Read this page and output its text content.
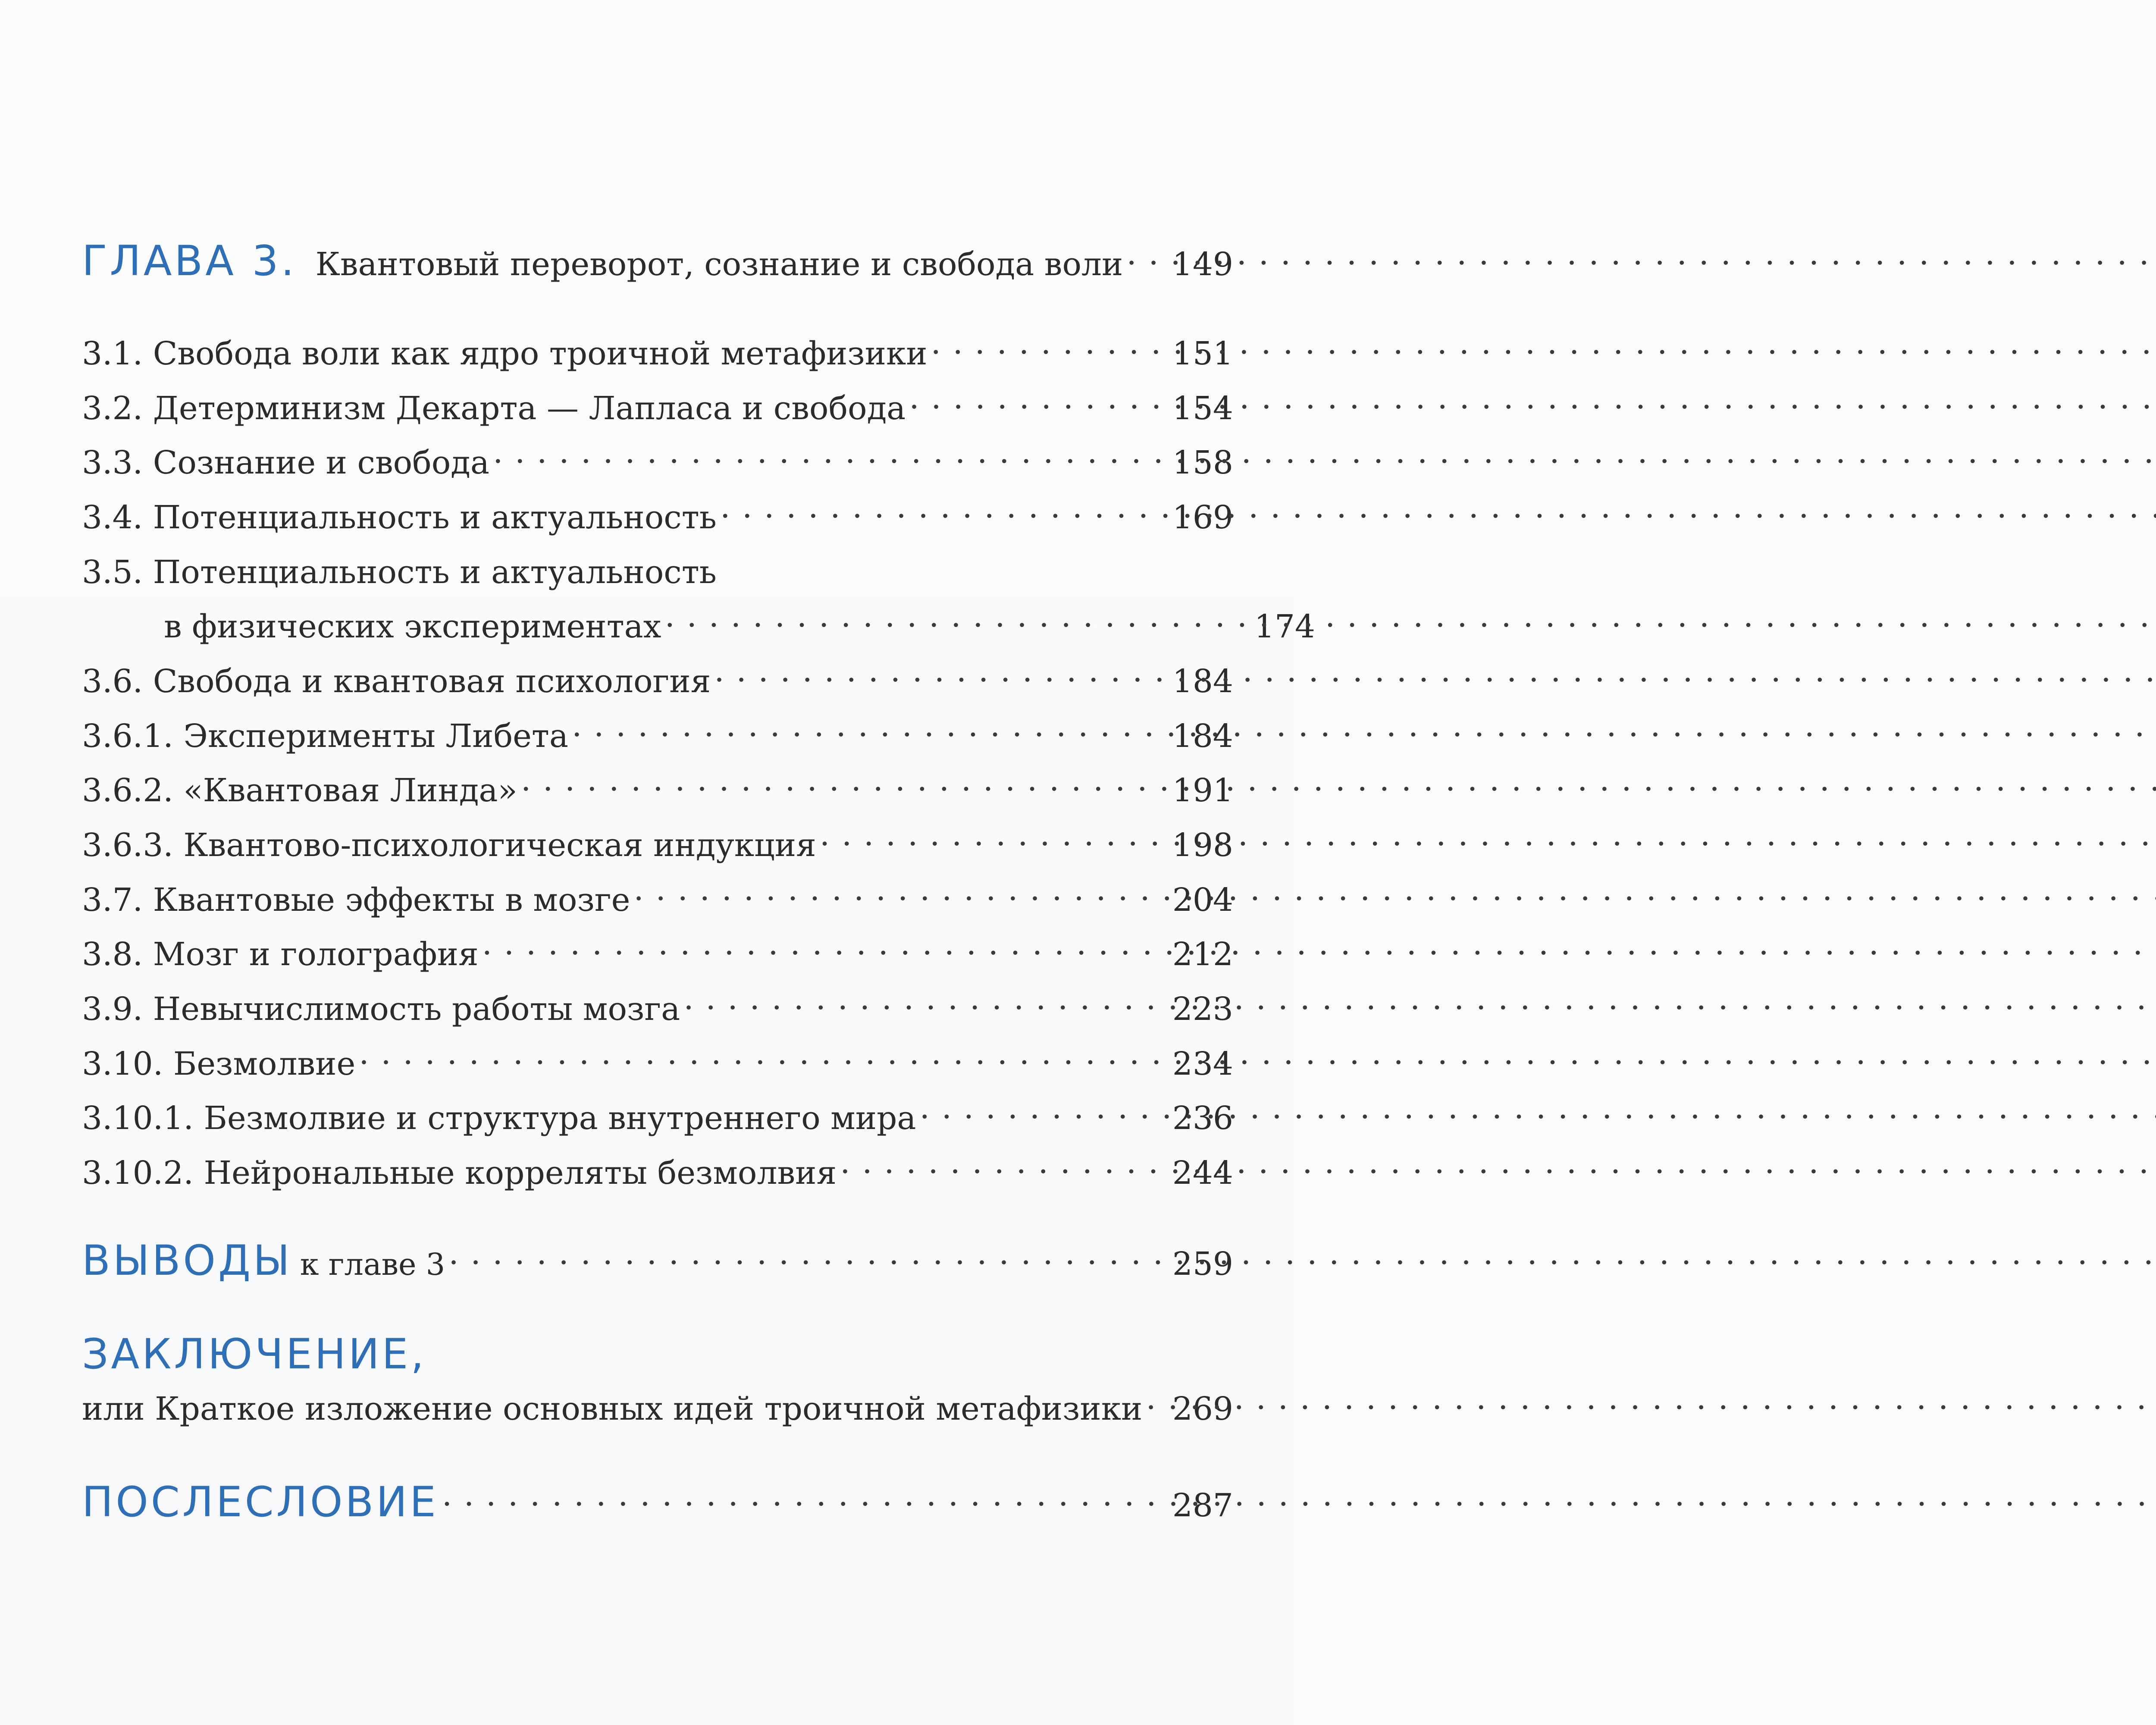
ГЛАВА 3. Квантовый переворот, сознание и свобода воли . . . 149
3.1. Свобода воли как ядро троичной метафизики . . .	151
3.2. Детерминизм Декарта — Лапласа и свобода . . .	154
3.3. Сознание и свобода . . .	158
3.4. Потенциальность и актуальность . . .	169
3.5. Потенциальность и актуальность
в физических экспериментах . . .	174
3.6. Свобода и квантовая психология . . .	184
3.6.1. Эксперименты Либета . . .	184
3.6.2. «Квантовая Линда» . . .	191
3.6.3. Квантово-психологическая индукция . . .	198
3.7. Квантовые эффекты в мозге . . .	204
3.8. Мозг и голография . . .	212
3.9. Невычислимость работы мозга . . .	223
3.10. Безмолвие . . .	234
3.10.1. Безмолвие и структура внутреннего мира . . .	236
3.10.2. Нейрональные корреляты безмолвия . . .	244
ВЫВОДЫ к главе 3 . . .	259
ЗАКЛЮЧЕНИЕ,
или Краткое изложение основных идей троичной метафизики . . . 269
ПОСЛЕСЛОВИЕ . . .	287
